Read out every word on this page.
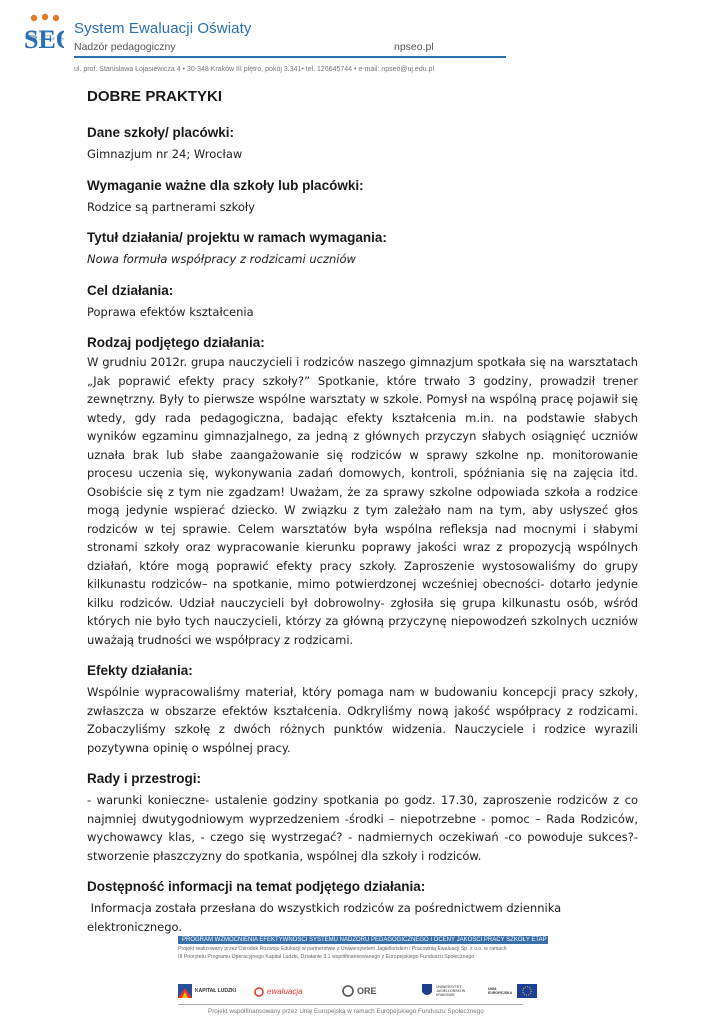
SE
SE	System Ewaluacji Oświaty
Nadzór pedagogiczny	npseo.pl
ul. prof. Stanisława Łojasiewicza 4 • 30-348 Kraków III piętro, pokój 3.341• tel. 126645744 • e-mail: npseo@uj.edu.pl
DOBRE PRAKTYKI
Dane szkoły/ placówki:
Gimnazjum nr 24; Wrocław
Wymaganie ważne dla szkoły lub placówki:
Rodzice są partnerami szkoły
Tytuł działania/ projektu w ramach wymagania:
Nowa formuła współpracy z rodzicami uczniów
Cel działania:
Poprawa efektów kształcenia
Rodzaj podjętego działania:
W grudniu 2012r. grupa nauczycieli i rodziców naszego gimnazjum spotkała się na warsztatach „Jak poprawić efekty pracy szkoły?” Spotkanie, które trwało 3 godziny, prowadził trener zewnętrzny. Były to pierwsze wspólne warsztaty w szkole. Pomysł na wspólną pracę pojawił się wtedy, gdy rada pedagogiczna, badając efekty kształcenia m.in. na podstawie słabych wyników egzaminu gimnazjalnego, za jedną z głównych przyczyn słabych osiągnięć uczniów uznała brak lub słabe zaangażowanie się rodziców w sprawy szkolne np. monitorowanie procesu uczenia się, wykonywania zadań domowych, kontroli, spóźniania się na zajęcia itd. Osobiście się z tym nie zgadzam! Uważam, że za sprawy szkolne odpowiada szkoła a rodzice mogą jedynie wspierać dziecko. W związku z tym zależało nam na tym, aby usłyszeć głos rodziców w tej sprawie. Celem warsztatów była wspólna refleksja nad mocnymi i słabymi stronami szkoły oraz wypracowanie kierunku poprawy jakości wraz z propozycją wspólnych działań, które mogą poprawić efekty pracy szkoły. Zaproszenie wystosowaliśmy do grupy kilkunastu rodziców– na spotkanie, mimo potwierdzonej wcześniej obecności- dotarło jedynie kilku rodziców. Udział nauczycieli był dobrowolny- zgłosiła się grupa kilkunastu osób, wśród których nie było tych nauczycieli, którzy za główną przyczynę niepowodzeń szkolnych uczniów uważają trudności we współpracy z rodzicami.
Efekty działania:
Wspólnie wypracowaliśmy materiał, który pomaga nam w budowaniu koncepcji pracy szkoły, zwłaszcza w obszarze efektów kształcenia. Odkryliśmy nową jakość współpracy z rodzicami. Zobaczyliśmy szkołę z dwóch różnych punktów widzenia. Nauczyciele i rodzice wyrazili pozytywna opinię o wspólnej pracy.
Rady i przestrogi:
- warunki konieczne- ustalenie godziny spotkania po godz. 17.30, zaproszenie rodziców z co najmniej dwutygodniowym wyprzedzeniem -środki – niepotrzebne - pomoc – Rada Rodziców, wychowawcy klas, - czego się wystrzegać? - nadmiernych oczekiwań -co powoduje sukces?- stworzenie płaszczyzny do spotkania, wspólnej dla szkoły i rodziców.
Dostępność informacji na temat podjętego działania:
Informacja została przesłana do wszystkich rodziców za pośrednictwem dziennika elektronicznego.
PROGRAM WZMOCNIENIA EFEKTYWNOŚCI SYSTEMU NADZORU PEDAGOGICZNEGO I OCENY JAKOŚCI PRACY SZKOŁY ETAP III
Projekt realizowany przez Ośrodek Rozwoju Edukacji w partnerstwie z Uniwersytetem Jagiellońskim i Pracownią Ewaluacji Sp. z o.o. w ramach
III Priorytetu Programu Operacyjnego Kapitał Ludzki, Działanie 3.1 współfinansowanego z Europejskiego Funduszu Społecznego
KAPITAŁ LUDZKI	ewaluacja	ORE	UNIWERSYTET JAGIELLOŃSKI W KRAKOWIE
UNIA EUROPEJSKA
Projekt współfinansowany przez Unię Europejską w ramach Europejskiego Funduszu Społecznego
